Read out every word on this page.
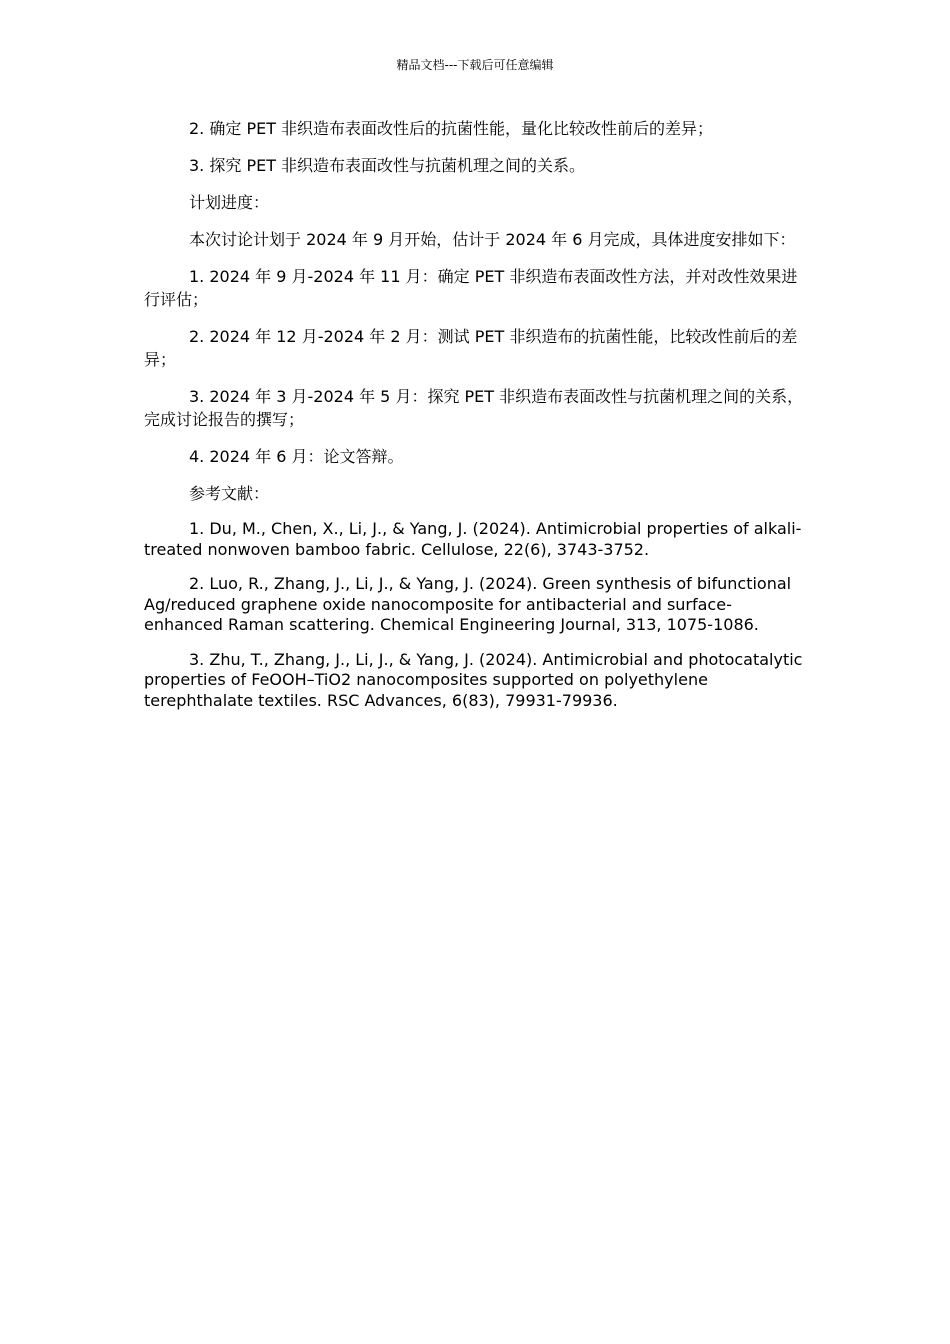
精品文档---下载后可任意编辑

2. 确定 PET 非织造布表面改性后的抗菌性能，量化比较改性前后的差异；

3. 探究 PET 非织造布表面改性与抗菌机理之间的关系。

计划进度：

本次讨论计划于 2024 年 9 月开始，估计于 2024 年 6 月完成，具体进度安排如下：

1. 2024 年 9 月-2024 年 11 月：确定 PET 非织造布表面改性方法，并对改性效果进行评估；

2. 2024 年 12 月-2024 年 2 月：测试 PET 非织造布的抗菌性能，比较改性前后的差异；

3. 2024 年 3 月-2024 年 5 月：探究 PET 非织造布表面改性与抗菌机理之间的关系，完成讨论报告的撰写；

4. 2024 年 6 月：论文答辩。

参考文献：

1. Du, M., Chen, X., Li, J., & Yang, J. (2024). Antimicrobial properties of alkali-treated nonwoven bamboo fabric. Cellulose, 22(6), 3743-3752.

2. Luo, R., Zhang, J., Li, J., & Yang, J. (2024). Green synthesis of bifunctional Ag/reduced graphene oxide nanocomposite for antibacterial and surface-enhanced Raman scattering. Chemical Engineering Journal, 313, 1075-1086.

3. Zhu, T., Zhang, J., Li, J., & Yang, J. (2024). Antimicrobial and photocatalytic properties of FeOOH–TiO2 nanocomposites supported on polyethylene terephthalate textiles. RSC Advances, 6(83), 79931-79936.
